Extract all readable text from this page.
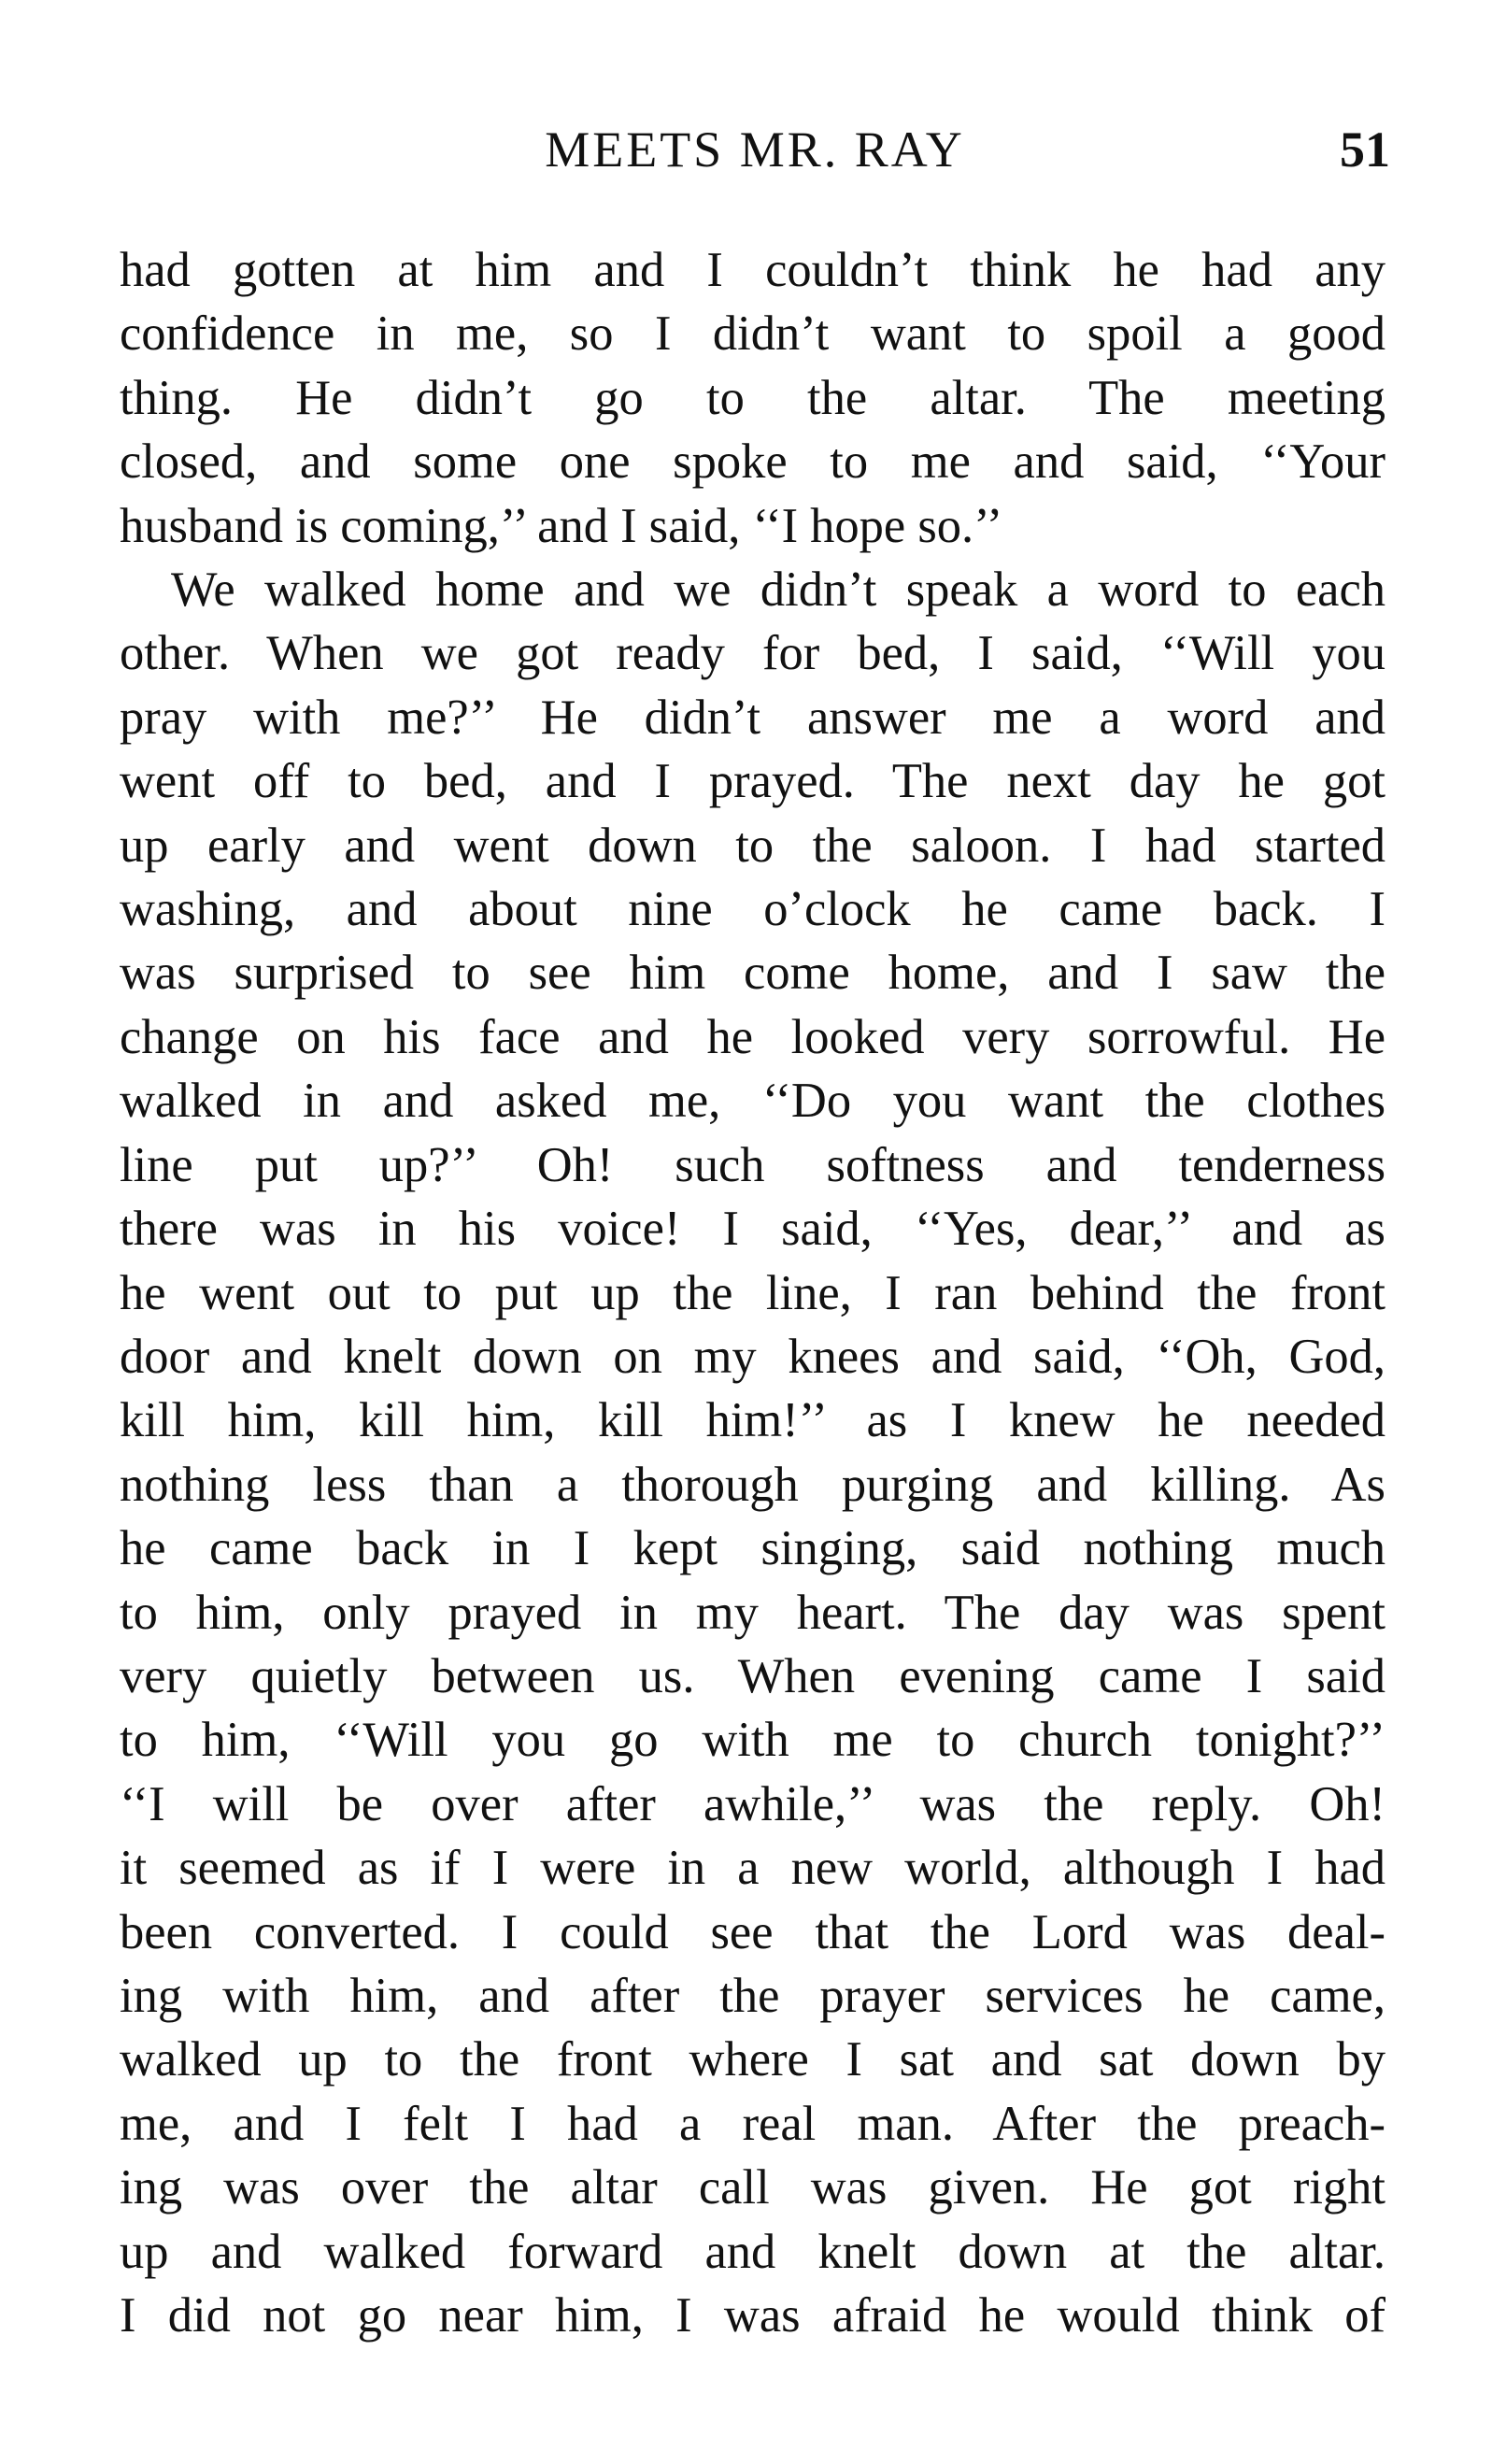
MEETS MR. RAY	51
had gotten at him and I couldn’t think he had any
confidence in me, so I didn’t want to spoil a good
thing. He didn’t go to the altar. The meeting
closed, and some one spoke to me and said, ‘‘Your
husband is coming,’’ and I said, ‘‘I hope so.’’
We walked home and we didn’t speak a word to each
other. When we got ready for bed, I said, ‘‘Will you
pray with me?’’ He didn’t answer me a word and
went off to bed, and I prayed. The next day he got
up early and went down to the saloon. I had started
washing, and about nine o’clock he came back. I
was surprised to see him come home, and I saw the
change on his face and he looked very sorrowful. He
walked in and asked me, ‘‘Do you want the clothes
line put up?’’ Oh! such softness and tenderness
there was in his voice! I said, ‘‘Yes, dear,’’ and as
he went out to put up the line, I ran behind the front
door and knelt down on my knees and said, ‘‘Oh, God,
kill him, kill him, kill him!’’ as I knew he needed
nothing less than a thorough purging and killing. As
he came back in I kept singing, said nothing much
to him, only prayed in my heart. The day was spent
very quietly between us. When evening came I said
to him, ‘‘Will you go with me to church tonight?’’
‘‘I will be over after awhile,’’ was the reply. Oh!
it seemed as if I were in a new world, although I had
been converted. I could see that the Lord was deal-
ing with him, and after the prayer services he came,
walked up to the front where I sat and sat down by
me, and I felt I had a real man. After the preach-
ing was over the altar call was given. He got right
up and walked forward and knelt down at the altar.
I did not go near him, I was afraid he would think of
